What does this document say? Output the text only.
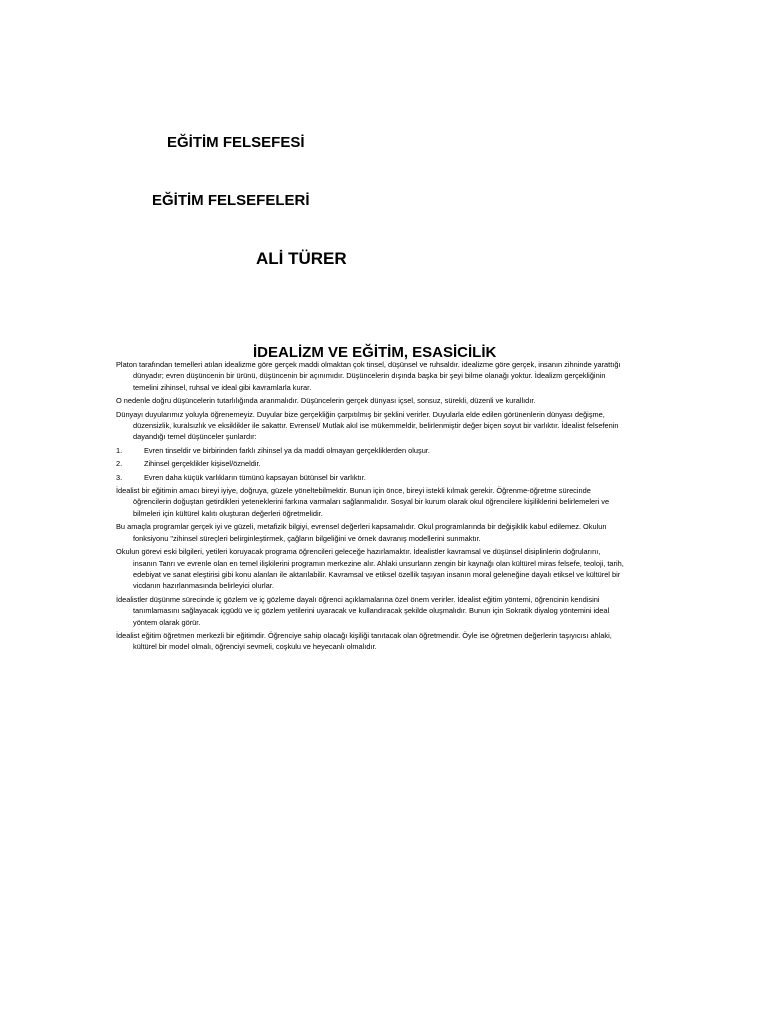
EĞİTİM FELSEFESİ
EĞİTİM FELSEFELERİ
ALİ TÜRER
İDEALİZM VE EĞİTİM, ESASİCİLİK

Platon tarafından temelleri atılan idealizme göre gerçek maddi olmaktan çok tinsel, düşünsel ve ruhsaldır. idealizme göre gerçek, insanın zihninde yarattığı dünyadır; evren düşüncenin bir ürünü, düşüncenin bir açınımıdır. Düşüncelerin dışında başka bir şeyi bilme olanağı yoktur. İdealizm gerçekliğinin temelini zihinsel, ruhsal ve ideal gibi kavramlarla kurar.

O nedenle doğru düşüncelerin tutarlılığında aranmalıdır. Düşüncelerin gerçek dünyası içsel, sonsuz, sürekli, düzenli ve kurallıdır.

Dünyayı duyularımız yoluyla öğrenemeyiz. Duyular bize gerçekliğin çarpıtılmış bir şeklini verirler. Duyularla elde edilen görünenlerin dünyası değişme, düzensizlik, kuralsızlık ve eksiklikler ile sakattır. Evrensel/ Mutlak akıl ise mükemmeldir, belirlenmiştir değer biçen soyut bir varlıktır. İdealist felsefenin dayandığı temel düşünceler şunlardır:

1.	Evren tinseldir ve birbirinden farklı zihinsel ya da maddi olmayan gerçekliklerden oluşur.
2.	Zihinsel gerçeklikler kişisel/özneldir.
3.	Evren daha küçük varlıkların tümünü kapsayan bütünsel bir varlıktır.

İdealist bir eğitimin amacı bireyi iyiye, doğruya, güzele yöneltebilmektir. Bunun için önce, bireyi istekli kılmak gerekir. Öğrenme-öğretme sürecinde öğrencilerin doğuştan getirdikleri yeteneklerini farkına varmaları sağlanmalıdır. Sosyal bir kurum olarak okul öğrencilere kişiliklerini belirlemeleri ve bilmeleri için kültürel kalıtı oluşturan değerleri öğretmelidir.

Bu amaçla programlar gerçek iyi ve güzeli, metafizik bilgiyi, evrensel değerleri kapsamalıdır. Okul programlarında bir değişiklik kabul edilemez. Okulun fonksiyonu "zihinsel süreçleri belirginleştirmek, çağların bilgeliğini ve örnek davranış modellerini sunmaktır.

Okulun görevi eski bilgileri, yetileri koruyacak programa öğrencileri geleceğe hazırlamaktır. İdealistler kavramsal ve düşünsel disiplinlerin doğrularını, insanın Tanrı ve evrenle olan en temel ilişkilerini programın merkezine alır. Ahlaki unsurların zengin bir kaynağı olan kültürel miras felsefe, teoloji, tarih, edebiyat ve sanat eleştirisi gibi konu alanları ile aktarılabilir. Kavramsal ve etiksel özellik taşıyan insanın moral geleneğine dayalı etiksel ve kültürel bir vicdanın hazırlanmasında belirleyici olurlar.

İdealistler düşünme sürecinde iç gözlem ve iç gözleme dayalı öğrenci açıklamalarına özel önem verirler. İdealist eğitim yöntemi, öğrencinin kendisini tanımlamasını sağlayacak içgüdü ve iç gözlem yetilerini uyaracak ve kullandıracak şekilde oluşmalıdır. Bunun için Sokratik diyalog yöntemini ideal yöntem olarak görür.

İdealist eğitim öğretmen merkezli bir eğitimdir. Öğrenciye sahip olacağı kişiliği tanıtacak olan öğretmendir. Öyle ise öğretmen değerlerin taşıyıcısı ahlaki, kültürel bir model olmalı, öğrenciyi sevmeli, coşkulu ve heyecanlı olmalıdır.
